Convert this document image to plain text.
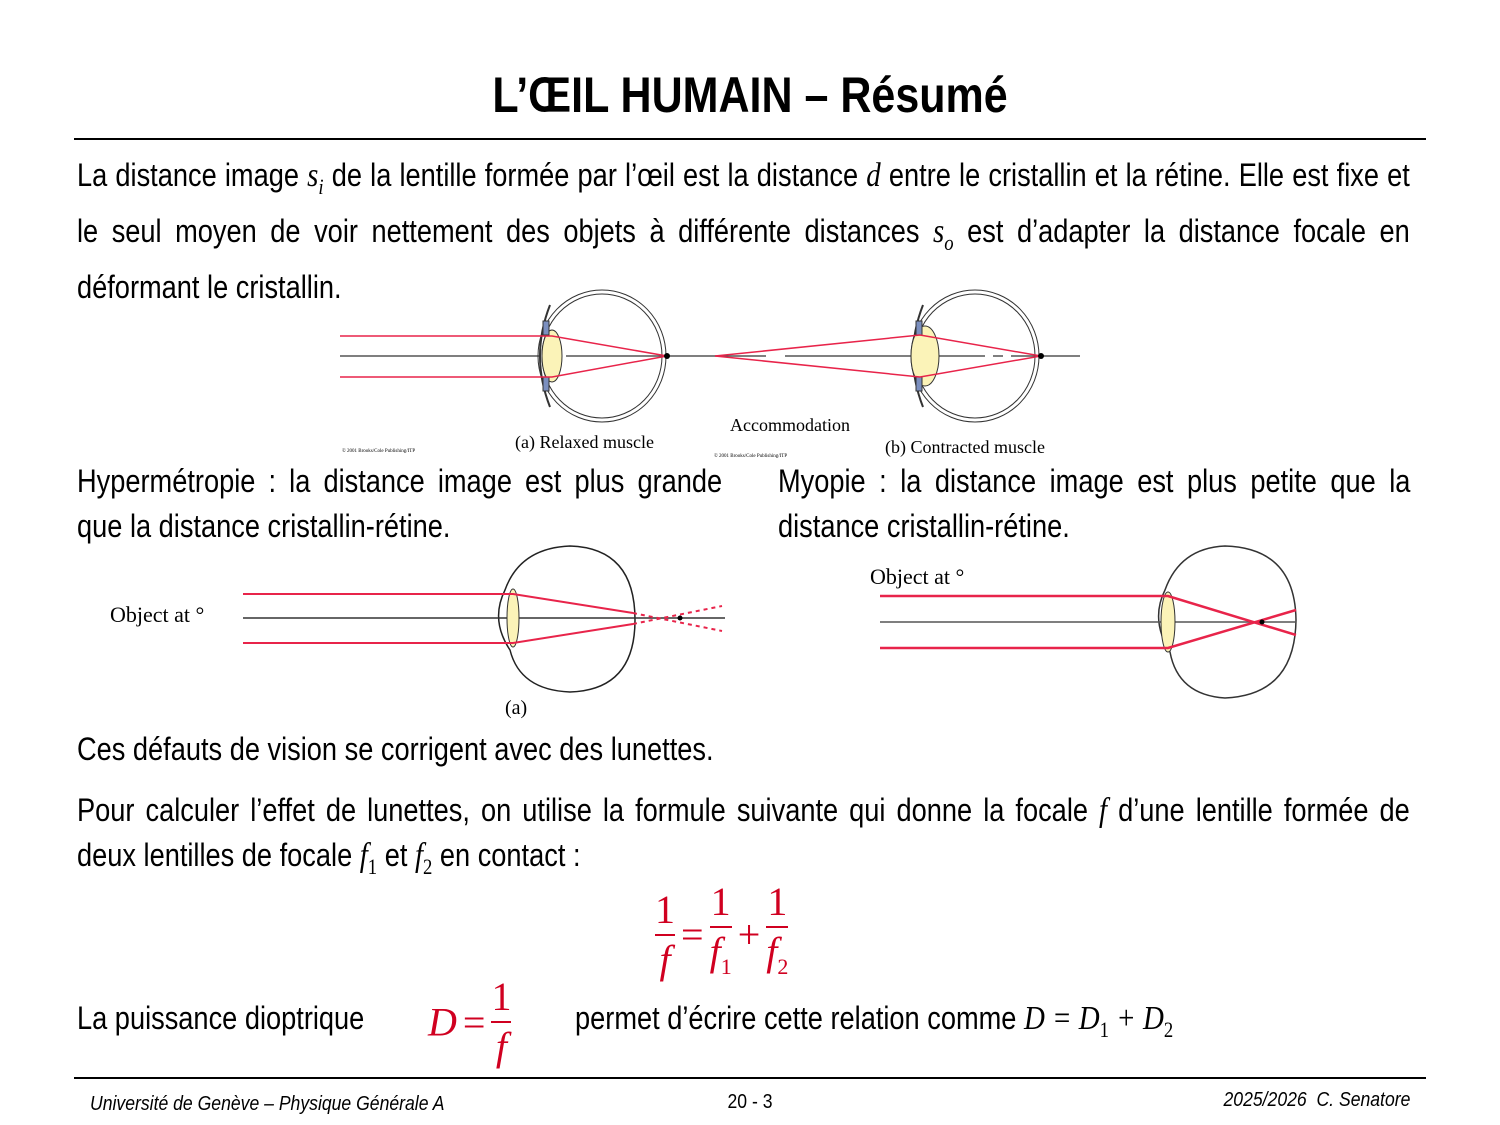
L’ŒIL HUMAIN – Résumé
La distance image $s_i$ de la lentille formée par l’œil est la distance d entre le cristallin et la rétine. Elle est fixe et le seul moyen de voir nettement des objets à différente distances $s_o$ est d’adapter la distance focale en déformant le cristallin.
(a) Relaxed muscle
Accommodation
(b) Contracted muscle
© 2001 Brooks/Cole Publishing/ITP
© 2001 Brooks/Cole Publishing/ITP
Hypermétropie : la distance image est plus grande que la distance cristallin-rétine.
Myopie : la distance image est plus petite que la distance cristallin-rétine.
Object at °
(a)
Object at °
Ces défauts de vision se corrigent avec des lunettes.
Pour calculer l’effet de lunettes, on utilise la formule suivante qui donne la focale f d’une lentille formée de deux lentilles de focale $f_1$ et $f_2$ en contact :
$\frac{1}{f} = \frac{1}{f_1} + \frac{1}{f_2}$
La puissance dioptrique	$D = \frac{1}{f}$ permet d’écrire cette relation comme $D = D_1 + D_2$
Université de Genève – Physique Générale A	20 - 3	2025/2026  C. Senatore
